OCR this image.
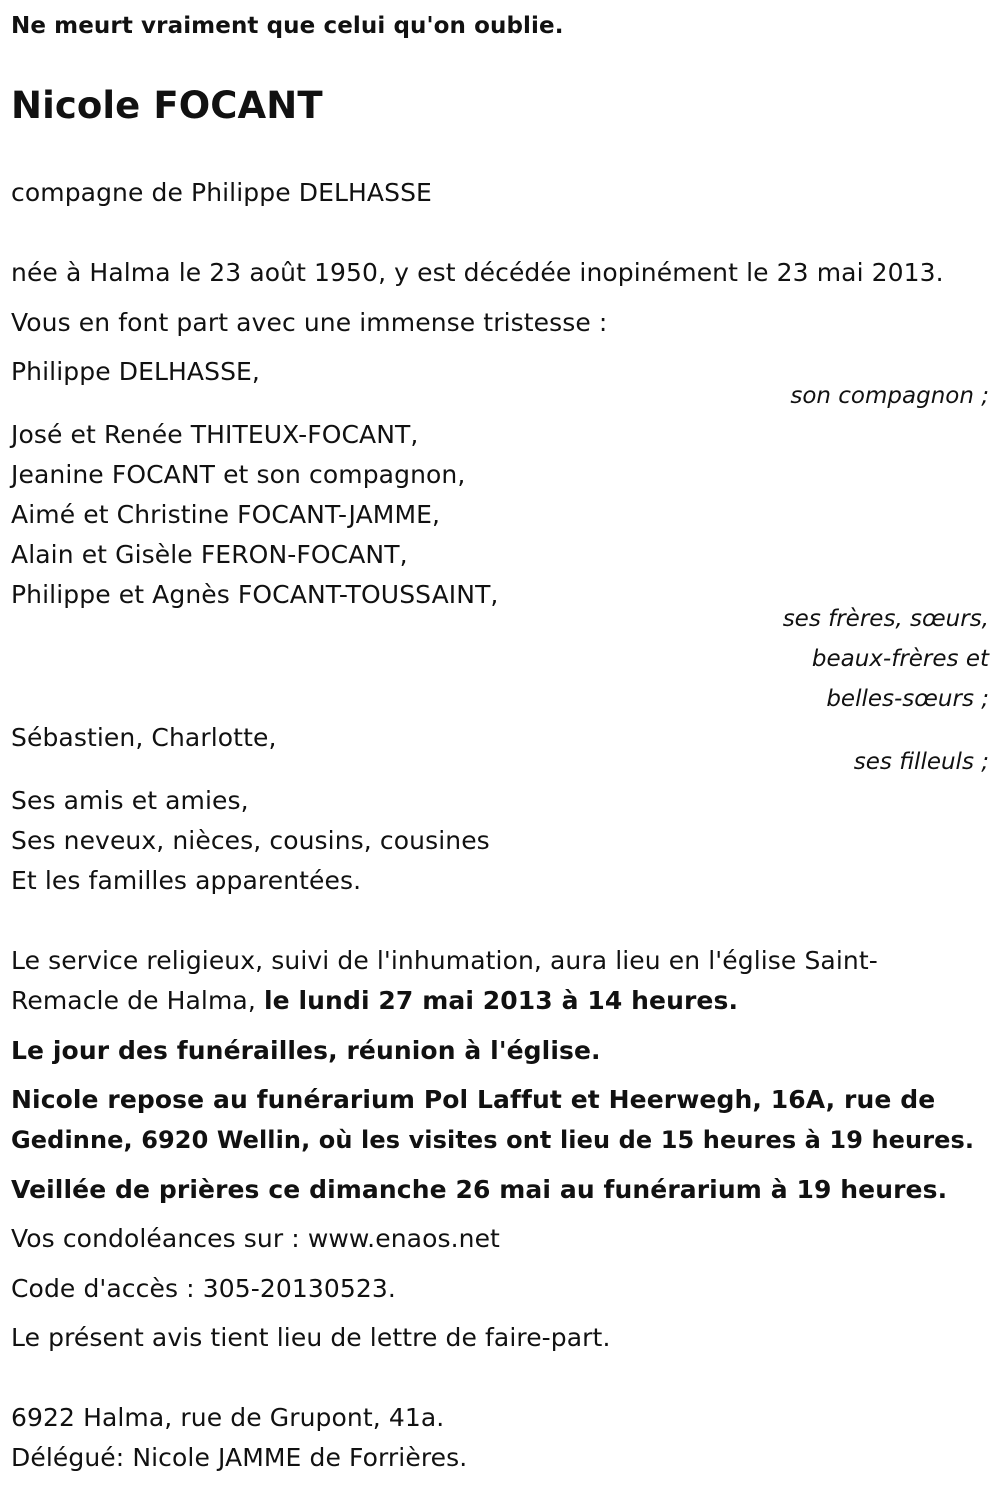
Ne meurt vraiment que celui qu'on oublie.

Nicole FOCANT

compagne de Philippe DELHASSE

née à Halma le 23 août 1950, y est décédée inopinément le 23 mai 2013.

Vous en font part avec une immense tristesse :

Philippe DELHASSE,

son compagnon ;

José et Renée THITEUX-FOCANT,

Jeanine FOCANT et son compagnon,

Aimé et Christine FOCANT-JAMME,

Alain et Gisèle FERON-FOCANT,

Philippe et Agnès FOCANT-TOUSSAINT,

ses frères, sœurs,

beaux-frères et

belles-sœurs ;

Sébastien, Charlotte,

ses filleuls ;

Ses amis et amies,

Ses neveux, nièces, cousins, cousines

Et les familles apparentées.

Le service religieux, suivi de l'inhumation, aura lieu en l'église Saint-

Remacle de Halma, le lundi 27 mai 2013 à 14 heures.

Le jour des funérailles, réunion à l'église.

Nicole repose au funérarium Pol Laffut et Heerwegh, 16A, rue de

Gedinne, 6920 Wellin, où les visites ont lieu de 15 heures à 19 heures.

Veillée de prières ce dimanche 26 mai au funérarium à 19 heures.

Vos condoléances sur : www.enaos.net

Code d'accès : 305-20130523.

Le présent avis tient lieu de lettre de faire-part.

6922 Halma, rue de Grupont, 41a.

Délégué: Nicole JAMME de Forrières.
